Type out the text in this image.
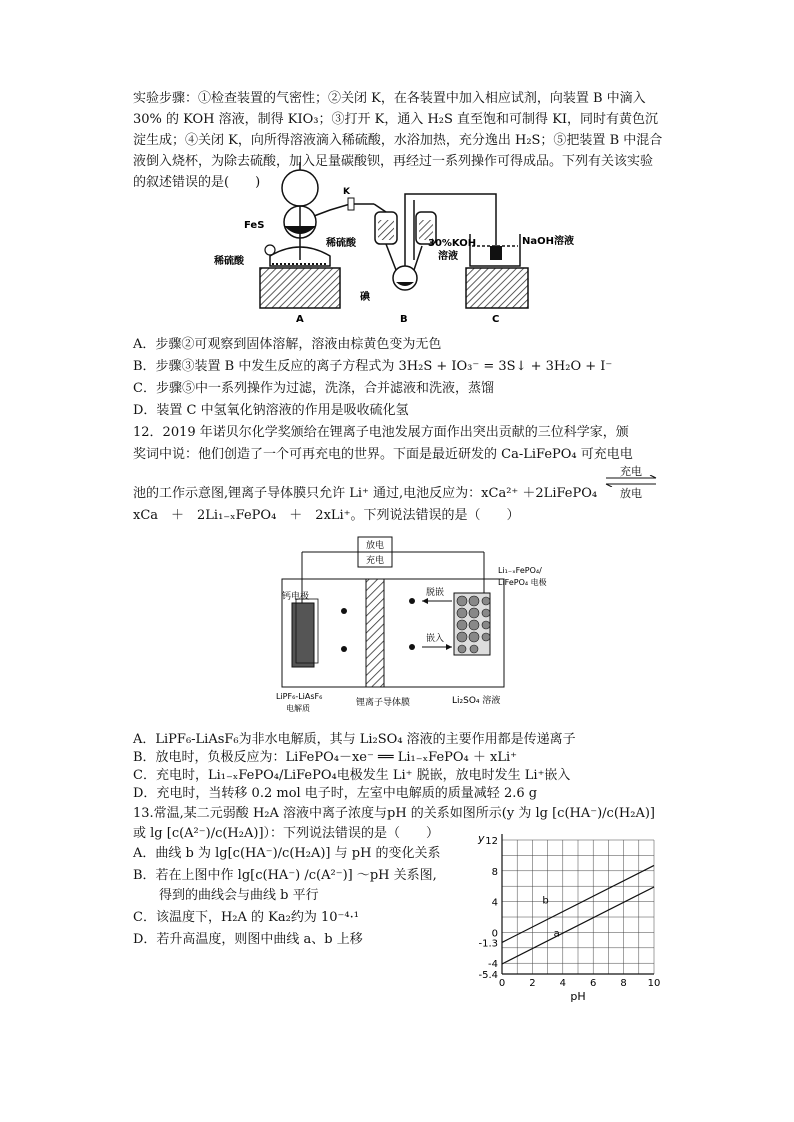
实验步骤：①检查装置的气密性；②关闭 K，在各装置中加入相应试剂，向装置 B 中滴入 30% 的 KOH 溶液，制得 KIO₃；③打开 K，通入 H₂S 直至饱和可制得 KI，同时有黄色沉淀生成；④关闭 K，向所得溶液滴入稀硫酸，水浴加热，充分逸出 H₂S；⑤把装置 B 中混合液倒入烧杯，为除去硫酸，加入足量碳酸钡，再经过一系列操作可得成品。下列有关该实验的叙述错误的是(　　)
FeS
稀硫酸
稀硫酸	30%KOH
溶液
碘
NaOH溶液
K
A	B	C
A．步骤②可观察到固体溶解，溶液由棕黄色变为无色
B．步骤③装置 B 中发生反应的离子方程式为 3H₂S + IO₃⁻ = 3S↓ + 3H₂O + I⁻
C．步骤⑤中一系列操作为过滤，洗涤，合并滤液和洗液，蒸馏
D．装置 C 中氢氧化钠溶液的作用是吸收硫化氢
12．2019 年诺贝尔化学奖颁给在锂离子电池发展方面作出突出贡献的三位科学家，颁
奖词中说：他们创造了一个可再充电的世界。下面是最近研发的 Ca-LiFePO₄ 可充电电
池的工作示意图,锂离子导体膜只允许 Li⁺ 通过,电池反应为：xCa²⁺ ＋2LiFePO₄
充电
放电
xCa　＋　2Li₁₋ₓFePO₄　＋　2xLi⁺。下列说法错误的是（　　）
放电
充电
钙电极	脱嵌
嵌入
Li₁₋ₓFePO₄/
LiFePO₄ 电极
LiPF₆-LiAsF₆
电解质
锂离子导体膜	Li₂SO₄ 溶液
A．LiPF₆-LiAsF₆为非水电解质，其与 Li₂SO₄ 溶液的主要作用都是传递离子
B．放电时，负极反应为：LiFePO₄－xe⁻ ══ Li₁₋ₓFePO₄ ＋ xLi⁺
C．充电时，Li₁₋ₓFePO₄/LiFePO₄电极发生 Li⁺ 脱嵌，放电时发生 Li⁺嵌入
D．充电时，当转移 0.2 mol 电子时，左室中电解质的质量减轻 2.6 g
13.常温,某二元弱酸 H₂A 溶液中离子浓度与pH 的关系如图所示(y 为 lg [c(HA⁻)/c(H₂A)]
或 lg [c(A²⁻)/c(H₂A)]）：下列说法错误的是（　　）
A．曲线 b 为 lg[c(HA⁻)/c(H₂A)] 与 pH 的变化关系
B．若在上图中作 lg[c(HA⁻) /c(A²⁻)] ～pH 关系图,
　　得到的曲线会与曲线 b 平行
C．该温度下，H₂A 的 Ka₂约为 10⁻⁴·¹
D．若升高温度，则图中曲线 a、b 上移
b
a
0 2 4 6 8 10
12
8
4
0
-1.3
-4
-5.4
y
pH
